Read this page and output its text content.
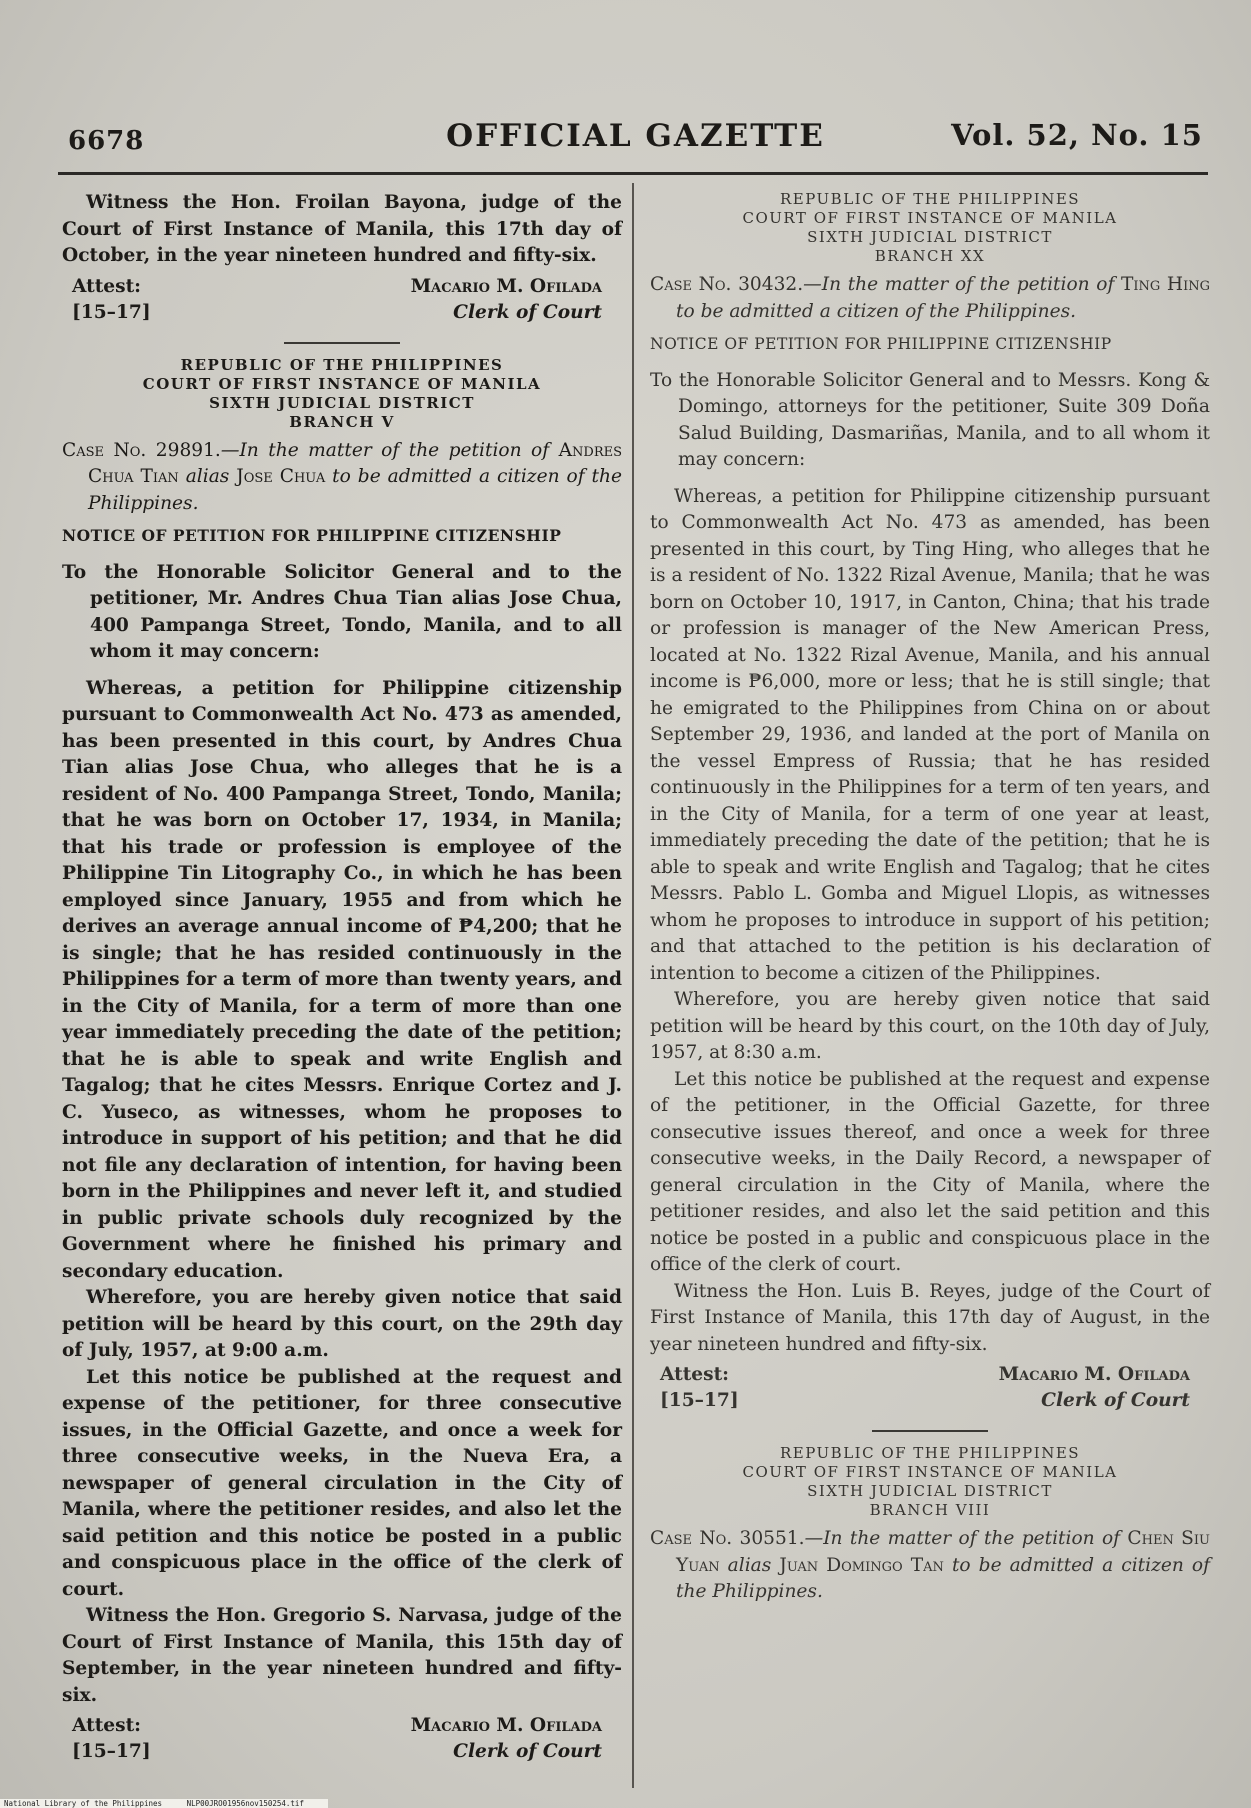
6678	OFFICIAL GAZETTE	Vol. 52, No. 15

Witness the Hon. Froilan Bayona, judge of the Court of First Instance of Manila, this 17th day of October, in the year nineteen hundred and fifty-six.

Attest:
[15–17]
Macario M. Ofilada
Clerk of Court
REPUBLIC OF THE PHILIPPINES
COURT OF FIRST INSTANCE OF MANILA
SIXTH JUDICIAL DISTRICT
BRANCH V
Case No. 29891.—In the matter of the petition of Andres Chua Tian alias Jose Chua to be admitted a citizen of the Philippines.
NOTICE OF PETITION FOR PHILIPPINE CITIZENSHIP
To the Honorable Solicitor General and to the petitioner, Mr. Andres Chua Tian alias Jose Chua, 400 Pampanga Street, Tondo, Manila, and to all whom it may concern:

Whereas, a petition for Philippine citizenship pursuant to Commonwealth Act No. 473 as amended, has been presented in this court, by Andres Chua Tian alias Jose Chua, who alleges that he is a resident of No. 400 Pampanga Street, Tondo, Manila; that he was born on October 17, 1934, in Manila; that his trade or profession is employee of the Philippine Tin Litography Co., in which he has been employed since January, 1955 and from which he derives an average annual income of ₱4,200; that he is single; that he has resided continuously in the Philippines for a term of more than twenty years, and in the City of Manila, for a term of more than one year immediately preceding the date of the petition; that he is able to speak and write English and Tagalog; that he cites Messrs. Enrique Cortez and J. C. Yuseco, as witnesses, whom he proposes to introduce in support of his petition; and that he did not file any declaration of intention, for having been born in the Philippines and never left it, and studied in public private schools duly recognized by the Government where he finished his primary and secondary education.

Wherefore, you are hereby given notice that said petition will be heard by this court, on the 29th day of July, 1957, at 9:00 a.m.

Let this notice be published at the request and expense of the petitioner, for three consecutive issues, in the Official Gazette, and once a week for three consecutive weeks, in the Nueva Era, a newspaper of general circulation in the City of Manila, where the petitioner resides, and also let the said petition and this notice be posted in a public and conspicuous place in the office of the clerk of court.

Witness the Hon. Gregorio S. Narvasa, judge of the Court of First Instance of Manila, this 15th day of September, in the year nineteen hundred and fifty-six.

Attest:
[15–17]
Macario M. Ofilada
Clerk of Court
REPUBLIC OF THE PHILIPPINES
COURT OF FIRST INSTANCE OF MANILA
SIXTH JUDICIAL DISTRICT
BRANCH XX
Case No. 30432.—In the matter of the petition of Ting Hing to be admitted a citizen of the Philippines.
NOTICE OF PETITION FOR PHILIPPINE CITIZENSHIP
To the Honorable Solicitor General and to Messrs. Kong & Domingo, attorneys for the petitioner, Suite 309 Doña Salud Building, Dasmariñas, Manila, and to all whom it may concern:

Whereas, a petition for Philippine citizenship pursuant to Commonwealth Act No. 473 as amended, has been presented in this court, by Ting Hing, who alleges that he is a resident of No. 1322 Rizal Avenue, Manila; that he was born on October 10, 1917, in Canton, China; that his trade or profession is manager of the New American Press, located at No. 1322 Rizal Avenue, Manila, and his annual income is ₱6,000, more or less; that he is still single; that he emigrated to the Philippines from China on or about September 29, 1936, and landed at the port of Manila on the vessel Empress of Russia; that he has resided continuously in the Philippines for a term of ten years, and in the City of Manila, for a term of one year at least, immediately preceding the date of the petition; that he is able to speak and write English and Tagalog; that he cites Messrs. Pablo L. Gomba and Miguel Llopis, as witnesses whom he proposes to introduce in support of his petition; and that attached to the petition is his declaration of intention to become a citizen of the Philippines.

Wherefore, you are hereby given notice that said petition will be heard by this court, on the 10th day of July, 1957, at 8:30 a.m.

Let this notice be published at the request and expense of the petitioner, in the Official Gazette, for three consecutive issues thereof, and once a week for three consecutive weeks, in the Daily Record, a newspaper of general circulation in the City of Manila, where the petitioner resides, and also let the said petition and this notice be posted in a public and conspicuous place in the office of the clerk of court.

Witness the Hon. Luis B. Reyes, judge of the Court of First Instance of Manila, this 17th day of August, in the year nineteen hundred and fifty-six.

Attest:
[15–17]
Macario M. Ofilada
Clerk of Court
REPUBLIC OF THE PHILIPPINES
COURT OF FIRST INSTANCE OF MANILA
SIXTH JUDICIAL DISTRICT
BRANCH VIII
Case No. 30551.—In the matter of the petition of Chen Siu Yuan alias Juan Domingo Tan to be admitted a citizen of the Philippines.
National Library of the Philippines	NLP00JRO01956nov150254.tif
